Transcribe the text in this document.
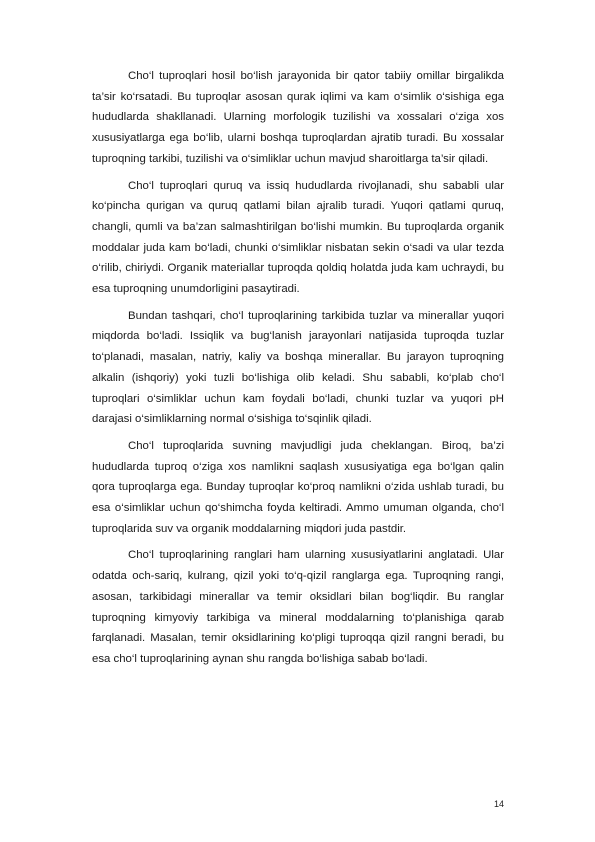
Cho‘l tuproqlari hosil bo‘lish jarayonida bir qator tabiiy omillar birgalikda ta’sir ko‘rsatadi. Bu tuproqlar asosan qurak iqlimi va kam o‘simlik o‘sishiga ega hududlarda shakllanadi. Ularning morfologik tuzilishi va xossalari o‘ziga xos xususiyatlarga ega bo‘lib, ularni boshqa tuproqlardan ajratib turadi. Bu xossalar tuproqning tarkibi, tuzilishi va o‘simliklar uchun mavjud sharoitlarga ta’sir qiladi.

Cho‘l tuproqlari quruq va issiq hududlarda rivojlanadi, shu sababli ular ko‘pincha qurigan va quruq qatlami bilan ajralib turadi. Yuqori qatlami quruq, changli, qumli va ba’zan salmashtirilgan bo‘lishi mumkin. Bu tuproqlarda organik moddalar juda kam bo‘ladi, chunki o‘simliklar nisbatan sekin o‘sadi va ular tezda o‘rilib, chiriydi. Organik materiallar tuproqda qoldiq holatda juda kam uchraydi, bu esa tuproqning unumdorligini pasaytiradi.

Bundan tashqari, cho‘l tuproqlarining tarkibida tuzlar va minerallar yuqori miqdorda bo‘ladi. Issiqlik va bug‘lanish jarayonlari natijasida tuproqda tuzlar to‘planadi, masalan, natriy, kaliy va boshqa minerallar. Bu jarayon tuproqning alkalin (ishqoriy) yoki tuzli bo‘lishiga olib keladi. Shu sababli, ko‘plab cho‘l tuproqlari o‘simliklar uchun kam foydali bo‘ladi, chunki tuzlar va yuqori pH darajasi o‘simliklarning normal o‘sishiga to‘sqinlik qiladi.

Cho‘l tuproqlarida suvning mavjudligi juda cheklangan. Biroq, ba’zi hududlarda tuproq o‘ziga xos namlikni saqlash xususiyatiga ega bo‘lgan qalin qora tuproqlarga ega. Bunday tuproqlar ko‘proq namlikni o‘zida ushlab turadi, bu esa o‘simliklar uchun qo‘shimcha foyda keltiradi. Ammo umuman olganda, cho‘l tuproqlarida suv va organik moddalarning miqdori juda pastdir.

Cho‘l tuproqlarining ranglari ham ularning xususiyatlarini anglatadi. Ular odatda och-sariq, kulrang, qizil yoki to‘q-qizil ranglarga ega. Tuproqning rangi, asosan, tarkibidagi minerallar va temir oksidlari bilan bog‘liqdir. Bu ranglar tuproqning kimyoviy tarkibiga va mineral moddalarning to‘planishiga qarab farqlanadi. Masalan, temir oksidlarining ko‘pligi tuproqqa qizil rangni beradi, bu esa cho‘l tuproqlarining aynan shu rangda bo‘lishiga sabab bo‘ladi.

14
